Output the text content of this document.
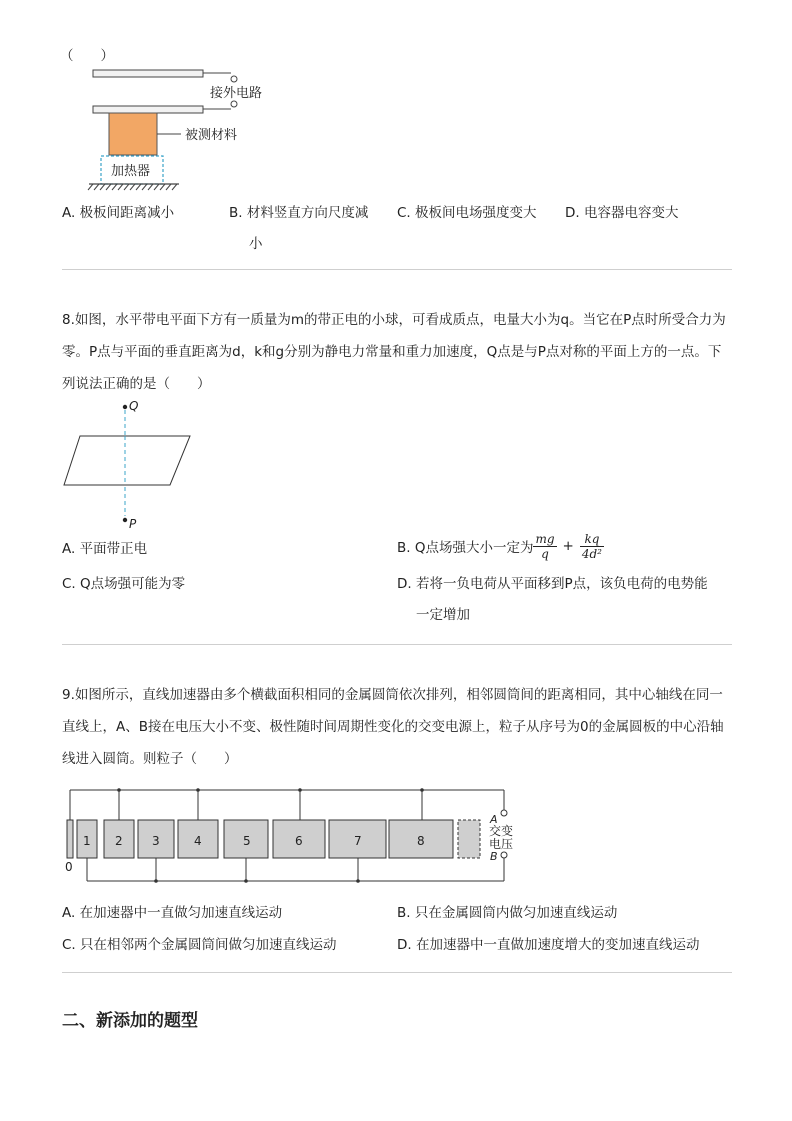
（　　）
接外电路
被测材料
加热器
A. 极板间距离减小	B. 材料竖直方向尺度减
小
C. 极板间电场强度变大 D. 电容器电容变大
8.如图，水平带电平面下方有一质量为m的带正电的小球，可看成质点，电量大小为q。当它在P点时所受合力为零。P点与平面的垂直距离为d，k和g分别为静电力常量和重力加速度，Q点是与P点对称的平面上方的一点。下列说法正确的是（　　）
Q
P
A. 平面带正电	B. Q点场强大小一定为 $\frac{mg}{q} + \frac{kq}{\text{4d²}}$
C. Q点场强可能为零	D. 若将一负电荷从平面移到P点，该负电荷的电势能
一定增加
9.如图所示，直线加速器由多个横截面积相同的金属圆筒依次排列，相邻圆筒间的距离相同，其中心轴线在同一直线上，A、B接在电压大小不变、极性随时间周期性变化的交变电源上，粒子从序号为0的金属圆板的中心沿轴线进入圆筒。则粒子（　　）
0
1 2 3	4	5	6	7	8
A
B
交变
电压
A. 在加速器中一直做匀加速直线运动	B. 只在金属圆筒内做匀加速直线运动
C. 只在相邻两个金属圆筒间做匀加速直线运动	D. 在加速器中一直做加速度增大的变加速直线运动
二、新添加的题型
